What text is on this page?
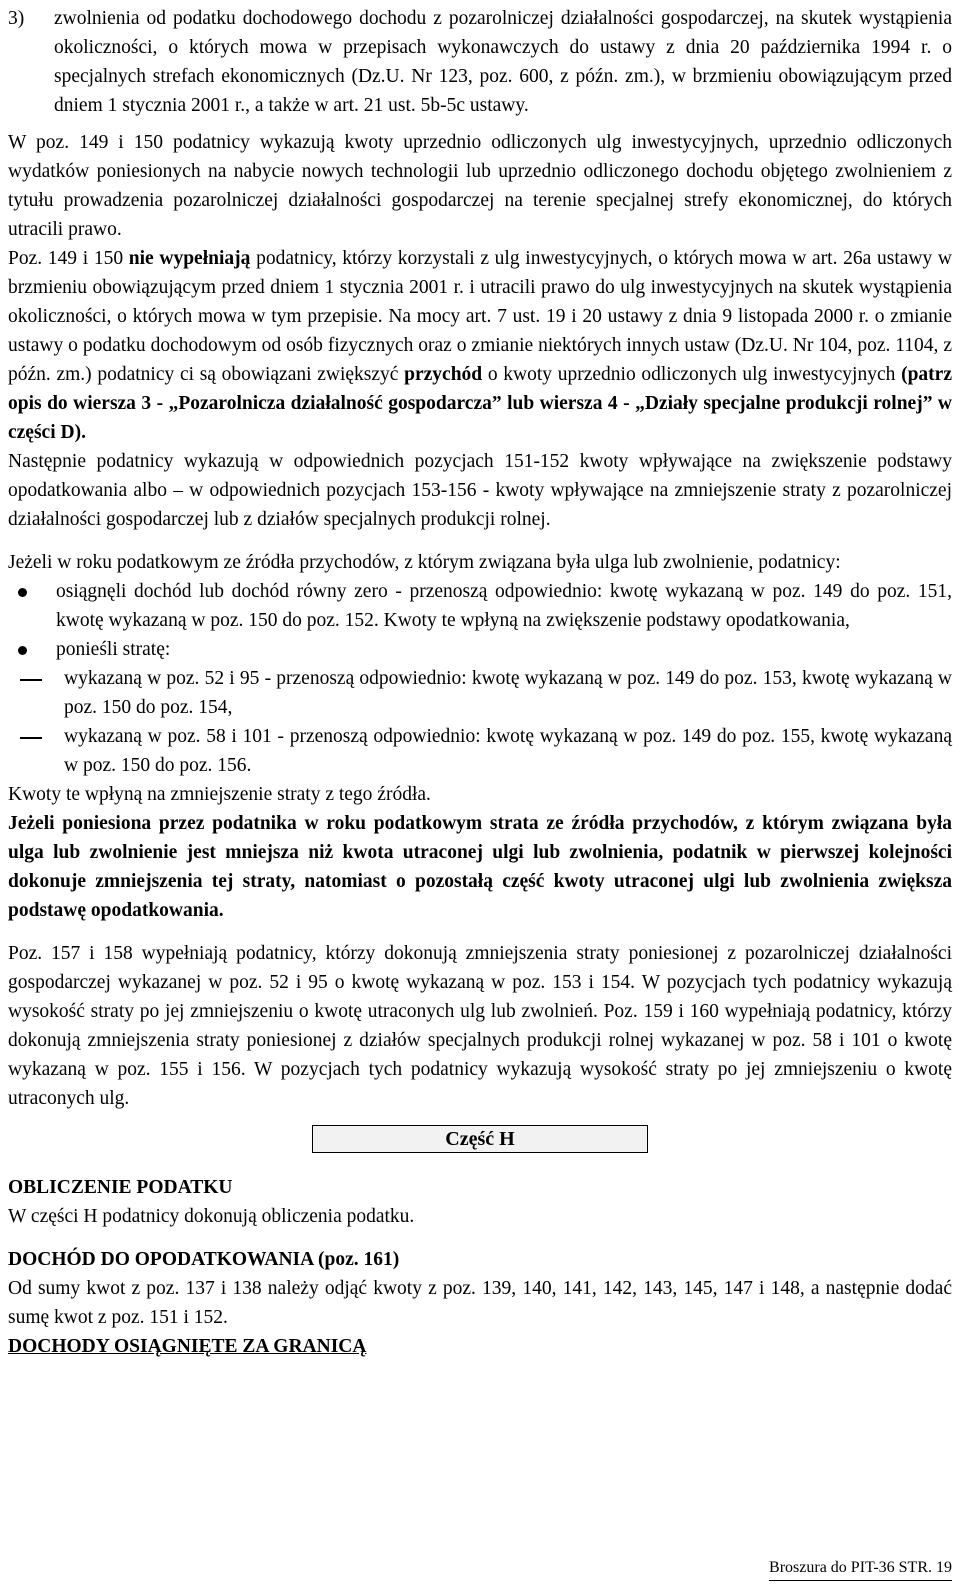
3) zwolnienia od podatku dochodowego dochodu z pozarolniczej działalności gospodarczej, na skutek wystąpienia okoliczności, o których mowa w przepisach wykonawczych do ustawy z dnia 20 października 1994 r. o specjalnych strefach ekonomicznych (Dz.U. Nr 123, poz. 600, z późn. zm.), w brzmieniu obowiązującym przed dniem 1 stycznia 2001 r., a także w art. 21 ust. 5b-5c ustawy.

W poz. 149 i 150 podatnicy wykazują kwoty uprzednio odliczonych ulg inwestycyjnych, uprzednio odliczonych wydatków poniesionych na nabycie nowych technologii lub uprzednio odliczonego dochodu objętego zwolnieniem z tytułu prowadzenia pozarolniczej działalności gospodarczej na terenie specjalnej strefy ekonomicznej, do których utracili prawo.

Poz. 149 i 150 nie wypełniają podatnicy, którzy korzystali z ulg inwestycyjnych, o których mowa w art. 26a ustawy w brzmieniu obowiązującym przed dniem 1 stycznia 2001 r. i utracili prawo do ulg inwestycyjnych na skutek wystąpienia okoliczności, o których mowa w tym przepisie. Na mocy art. 7 ust. 19 i 20 ustawy z dnia 9 listopada 2000 r. o zmianie ustawy o podatku dochodowym od osób fizycznych oraz o zmianie niektórych innych ustaw (Dz.U. Nr 104, poz. 1104, z późn. zm.) podatnicy ci są obowiązani zwiększyć przychód o kwoty uprzednio odliczonych ulg inwestycyjnych (patrz opis do wiersza 3 - „Pozarolnicza działalność gospodarcza” lub wiersza 4 - „Działy specjalne produkcji rolnej” w części D).

Następnie podatnicy wykazują w odpowiednich pozycjach 151-152 kwoty wpływające na zwiększenie podstawy opodatkowania albo – w odpowiednich pozycjach 153-156 - kwoty wpływające na zmniejszenie straty z pozarolniczej działalności gospodarczej lub z działów specjalnych produkcji rolnej.

Jeżeli w roku podatkowym ze źródła przychodów, z którym związana była ulga lub zwolnienie, podatnicy:

osiągnęli dochód lub dochód równy zero - przenoszą odpowiednio: kwotę wykazaną w poz. 149 do poz. 151, kwotę wykazaną w poz. 150 do poz. 152. Kwoty te wpłyną na zwiększenie podstawy opodatkowania,

ponieśli stratę:

wykazaną w poz. 52 i 95 - przenoszą odpowiednio: kwotę wykazaną w poz. 149 do poz. 153, kwotę wykazaną w poz. 150 do poz. 154,

wykazaną w poz. 58 i 101 - przenoszą odpowiednio: kwotę wykazaną w poz. 149 do poz. 155, kwotę wykazaną w poz. 150 do poz. 156.

Kwoty te wpłyną na zmniejszenie straty z tego źródła.

Jeżeli poniesiona przez podatnika w roku podatkowym strata ze źródła przychodów, z którym związana była ulga lub zwolnienie jest mniejsza niż kwota utraconej ulgi lub zwolnienia, podatnik w pierwszej kolejności dokonuje zmniejszenia tej straty, natomiast o pozostałą część kwoty utraconej ulgi lub zwolnienia zwiększa podstawę opodatkowania.

Poz. 157 i 158 wypełniają podatnicy, którzy dokonują zmniejszenia straty poniesionej z pozarolniczej działalności gospodarczej wykazanej w poz. 52 i 95 o kwotę wykazaną w poz. 153 i 154. W pozycjach tych podatnicy wykazują wysokość straty po jej zmniejszeniu o kwotę utraconych ulg lub zwolnień. Poz. 159 i 160 wypełniają podatnicy, którzy dokonują zmniejszenia straty poniesionej z działów specjalnych produkcji rolnej wykazanej w poz. 58 i 101 o kwotę wykazaną w poz. 155 i 156. W pozycjach tych podatnicy wykazują wysokość straty po jej zmniejszeniu o kwotę utraconych ulg.

Część H
OBLICZENIE PODATKU

W części H podatnicy dokonują obliczenia podatku.

DOCHÓD DO OPODATKOWANIA (poz. 161)

Od sumy kwot z poz. 137 i 138 należy odjąć kwoty z poz. 139, 140, 141, 142, 143, 145, 147 i 148, a następnie dodać sumę kwot z poz. 151 i 152.

DOCHODY OSIĄGNIĘTE ZA GRANICĄ
Broszura do PIT-36 STR. 19
